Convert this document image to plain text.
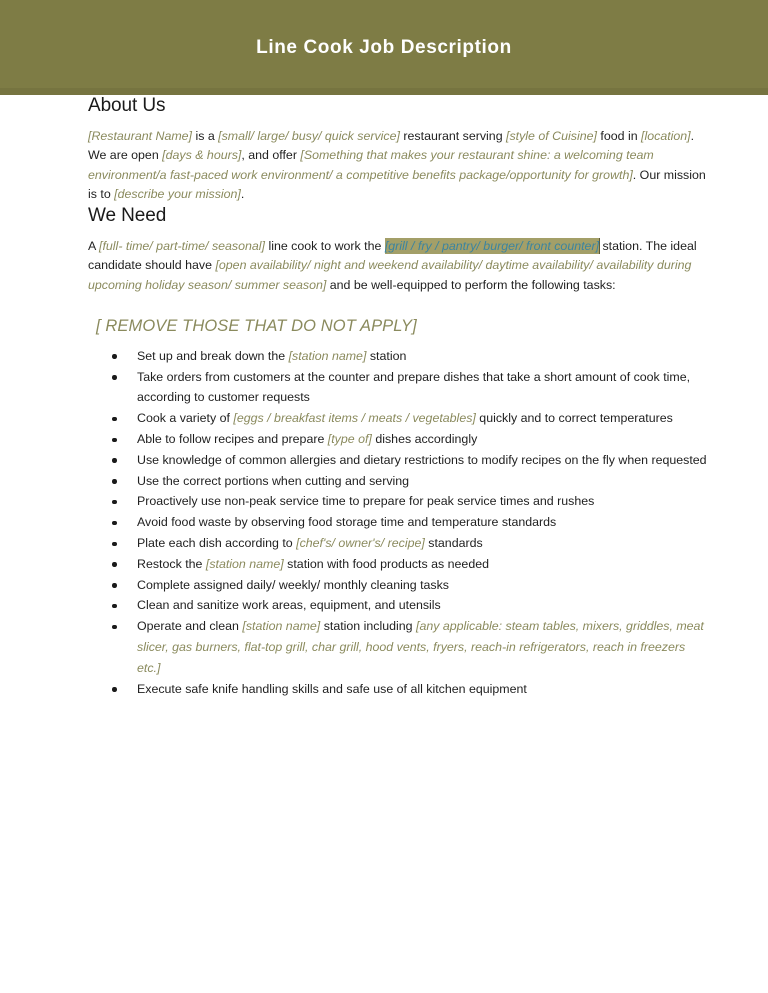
Line Cook Job Description
About Us

[Restaurant Name] is a [small/ large/ busy/ quick service] restaurant serving [style of Cuisine] food in [location]. We are open [days & hours], and offer [Something that makes your restaurant shine: a welcoming team environment/a fast-paced work environment/ a competitive benefits package/opportunity for growth]. Our mission is to [describe your mission].

We Need

A [full- time/ part-time/ seasonal] line cook to work the [grill / fry / pantry/ burger/ front counter] station. The ideal candidate should have [open availability/ night and weekend availability/ daytime availability/ availability during upcoming holiday season/ summer season] and be well-equipped to perform the following tasks:

[ REMOVE THOSE THAT DO NOT APPLY]
Set up and break down the [station name] station
Take orders from customers at the counter and prepare dishes that take a short amount of cook time, according to customer requests
Cook a variety of [eggs / breakfast items / meats / vegetables] quickly and to correct temperatures
Able to follow recipes and prepare [type of] dishes accordingly
Use knowledge of common allergies and dietary restrictions to modify recipes on the fly when requested
Use the correct portions when cutting and serving
Proactively use non-peak service time to prepare for peak service times and rushes
Avoid food waste by observing food storage time and temperature standards
Plate each dish according to [chef's/ owner's/ recipe] standards
Restock the [station name] station with food products as needed
Complete assigned daily/ weekly/ monthly cleaning tasks
Clean and sanitize work areas, equipment, and utensils
Operate and clean [station name] station including [any applicable: steam tables, mixers, griddles, meat slicer, gas burners, flat-top grill, char grill, hood vents, fryers, reach-in refrigerators, reach in freezers etc.]
Execute safe knife handling skills and safe use of all kitchen equipment
